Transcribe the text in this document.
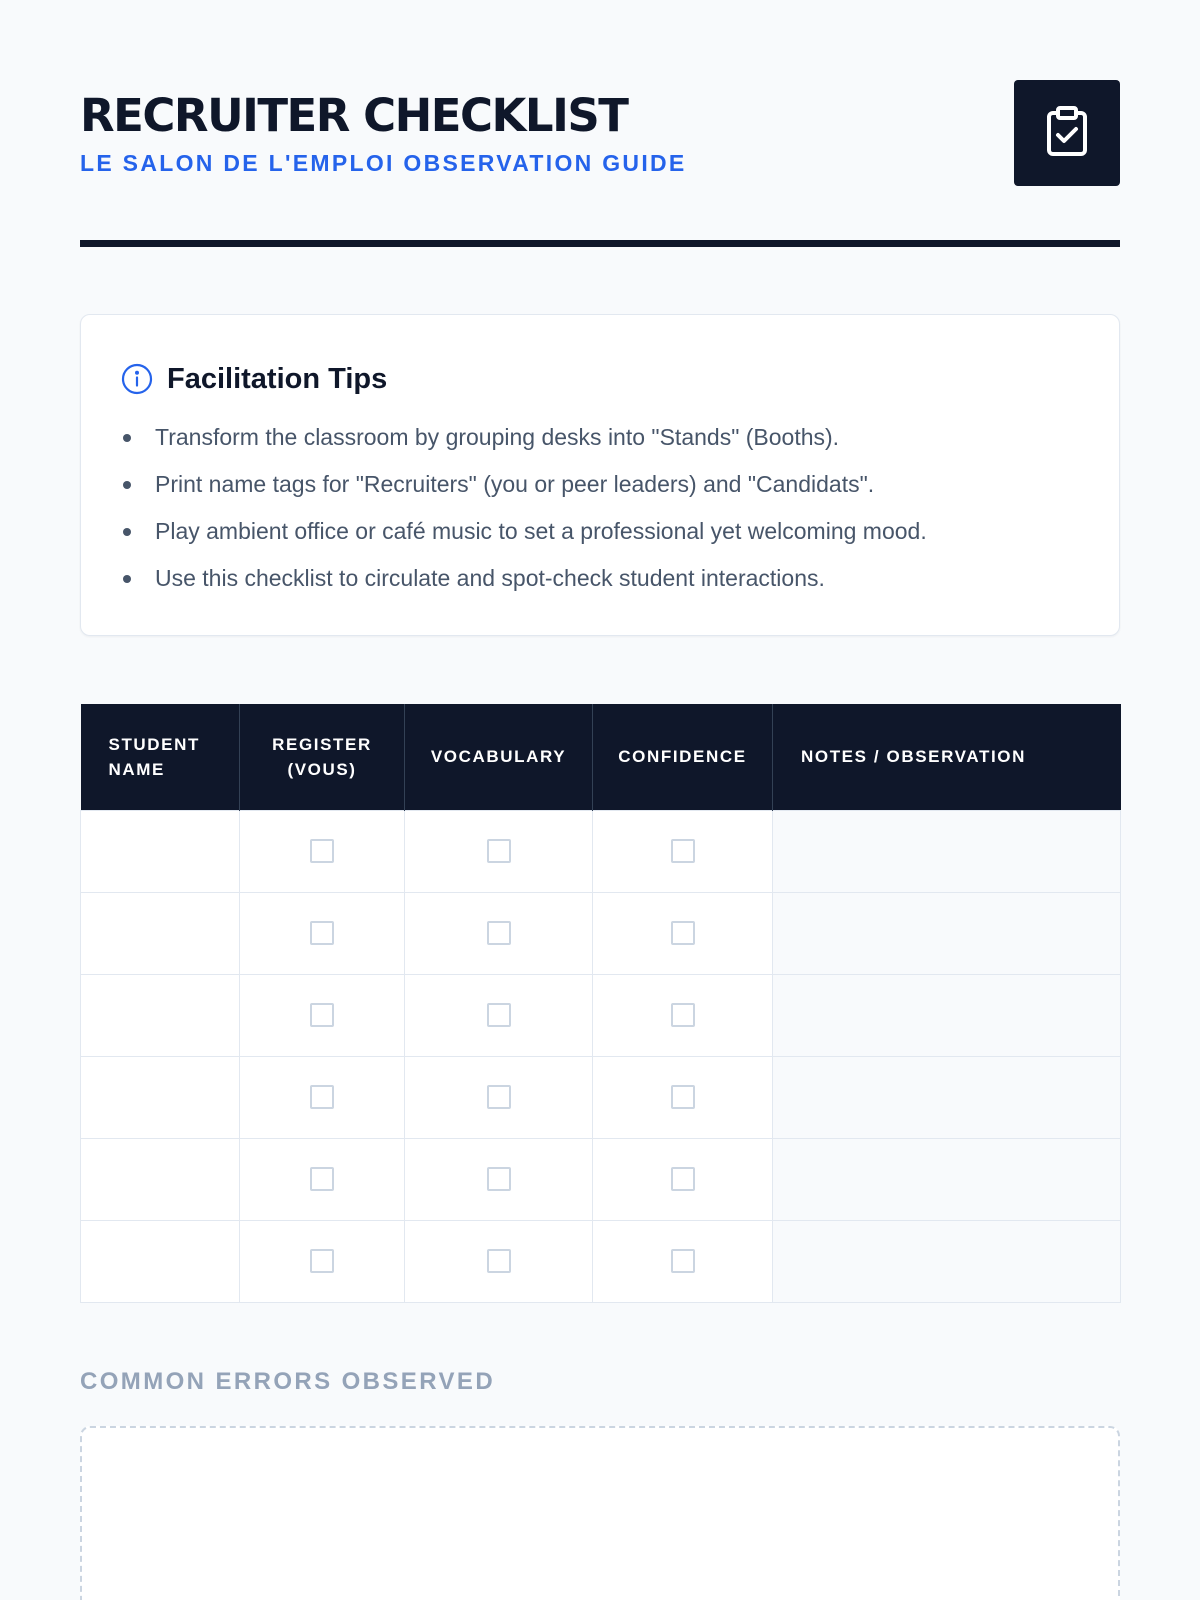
RECRUITER CHECKLIST

LE SALON DE L'EMPLOI OBSERVATION GUIDE

Facilitation Tips
Transform the classroom by grouping desks into "Stands" (Booths).
Print name tags for "Recruiters" (you or peer leaders) and "Candidats".
Play ambient office or café music to set a professional yet welcoming mood.
Use this checklist to circulate and spot-check student interactions.
STUDENT NAME	REGISTER (VOUS)	VOCABULARY	CONFIDENCE	NOTES / OBSERVATION

COMMON ERRORS OBSERVED
